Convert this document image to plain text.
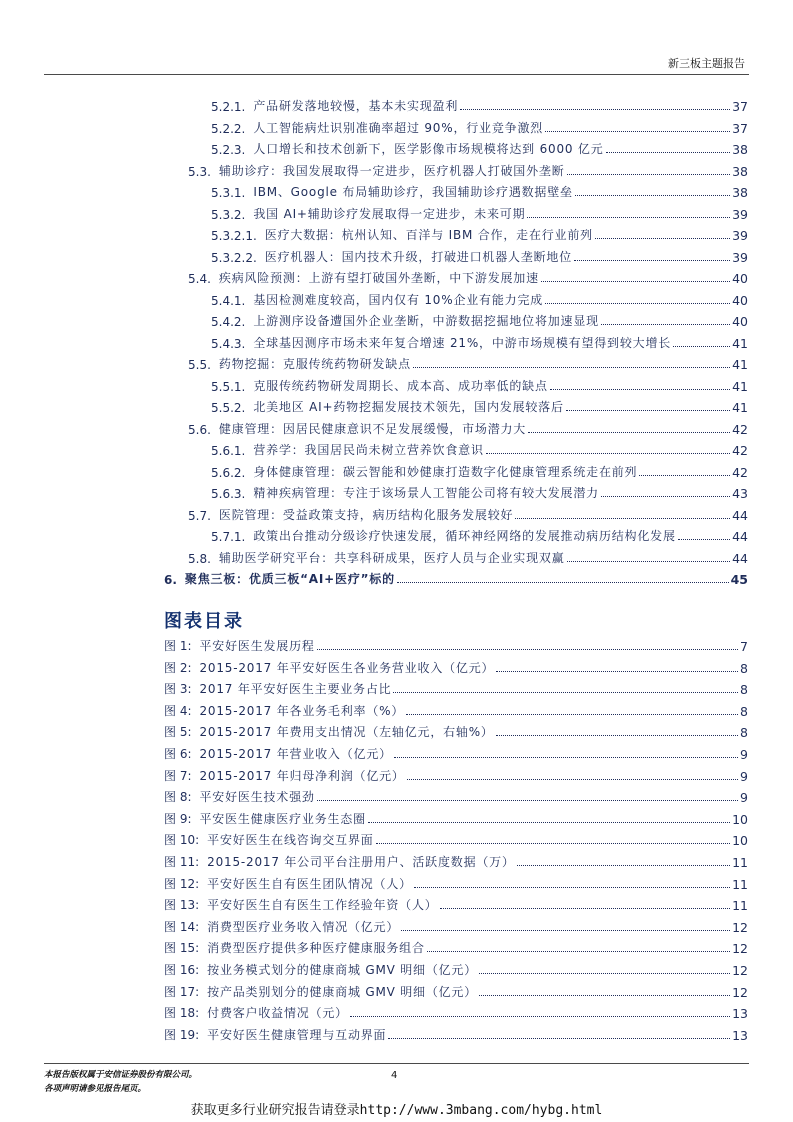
新三板主题报告
5.2.1. 产品研发落地较慢，基本未实现盈利	37
5.2.2. 人工智能病灶识别准确率超过 90%，行业竞争激烈	37
5.2.3. 人口增长和技术创新下，医学影像市场规模将达到 6000 亿元	38
5.3. 辅助诊疗：我国发展取得一定进步，医疗机器人打破国外垄断	38
5.3.1. IBM、Google 布局辅助诊疗，我国辅助诊疗遇数据壁垒	38
5.3.2. 我国 AI+辅助诊疗发展取得一定进步，未来可期	39
5.3.2.1. 医疗大数据：杭州认知、百洋与 IBM 合作，走在行业前列	39
5.3.2.2. 医疗机器人：国内技术升级，打破进口机器人垄断地位	39
5.4. 疾病风险预测：上游有望打破国外垄断，中下游发展加速	40
5.4.1. 基因检测难度较高，国内仅有 10%企业有能力完成	40
5.4.2. 上游测序设备遭国外企业垄断，中游数据挖掘地位将加速显现	40
5.4.3. 全球基因测序市场未来年复合增速 21%，中游市场规模有望得到较大增长	41
5.5. 药物挖掘：克服传统药物研发缺点	41
5.5.1. 克服传统药物研发周期长、成本高、成功率低的缺点	41
5.5.2. 北美地区 AI+药物挖掘发展技术领先，国内发展较落后	41
5.6. 健康管理：因居民健康意识不足发展缓慢，市场潜力大	42
5.6.1. 营养学：我国居民尚未树立营养饮食意识	42
5.6.2. 身体健康管理：碳云智能和妙健康打造数字化健康管理系统走在前列	42
5.6.3. 精神疾病管理：专注于该场景人工智能公司将有较大发展潜力	43
5.7. 医院管理：受益政策支持，病历结构化服务发展较好	44
5.7.1. 政策出台推动分级诊疗快速发展，循环神经网络的发展推动病历结构化发展	44
5.8. 辅助医学研究平台：共享科研成果，医疗人员与企业实现双赢	44
6. 聚焦三板：优质三板“AI+医疗”标的	45
图表目录
图 1: 平安好医生发展历程	7
图 2: 2015-2017 年平安好医生各业务营业收入（亿元）	8
图 3: 2017 年平安好医生主要业务占比	8
图 4: 2015-2017 年各业务毛利率（%）	8
图 5: 2015-2017 年费用支出情况（左轴亿元，右轴%）	8
图 6: 2015-2017 年营业收入（亿元）	9
图 7: 2015-2017 年归母净利润（亿元）	9
图 8: 平安好医生技术强劲	9
图 9: 平安医生健康医疗业务生态圈	10
图 10: 平安好医生在线咨询交互界面	10
图 11: 2015-2017 年公司平台注册用户、活跃度数据（万）	11
图 12: 平安好医生自有医生团队情况（人）	11
图 13: 平安好医生自有医生工作经验年资（人）	11
图 14: 消费型医疗业务收入情况（亿元）	12
图 15: 消费型医疗提供多种医疗健康服务组合	12
图 16: 按业务模式划分的健康商城 GMV 明细（亿元）	12
图 17: 按产品类别划分的健康商城 GMV 明细（亿元）	12
图 18: 付费客户收益情况（元）	13
图 19: 平安好医生健康管理与互动界面	13
本报告版权属于安信证券股份有限公司。
各项声明请参见报告尾页。
4
获取更多行业研究报告请登录http://www.3mbang.com/hybg.html
